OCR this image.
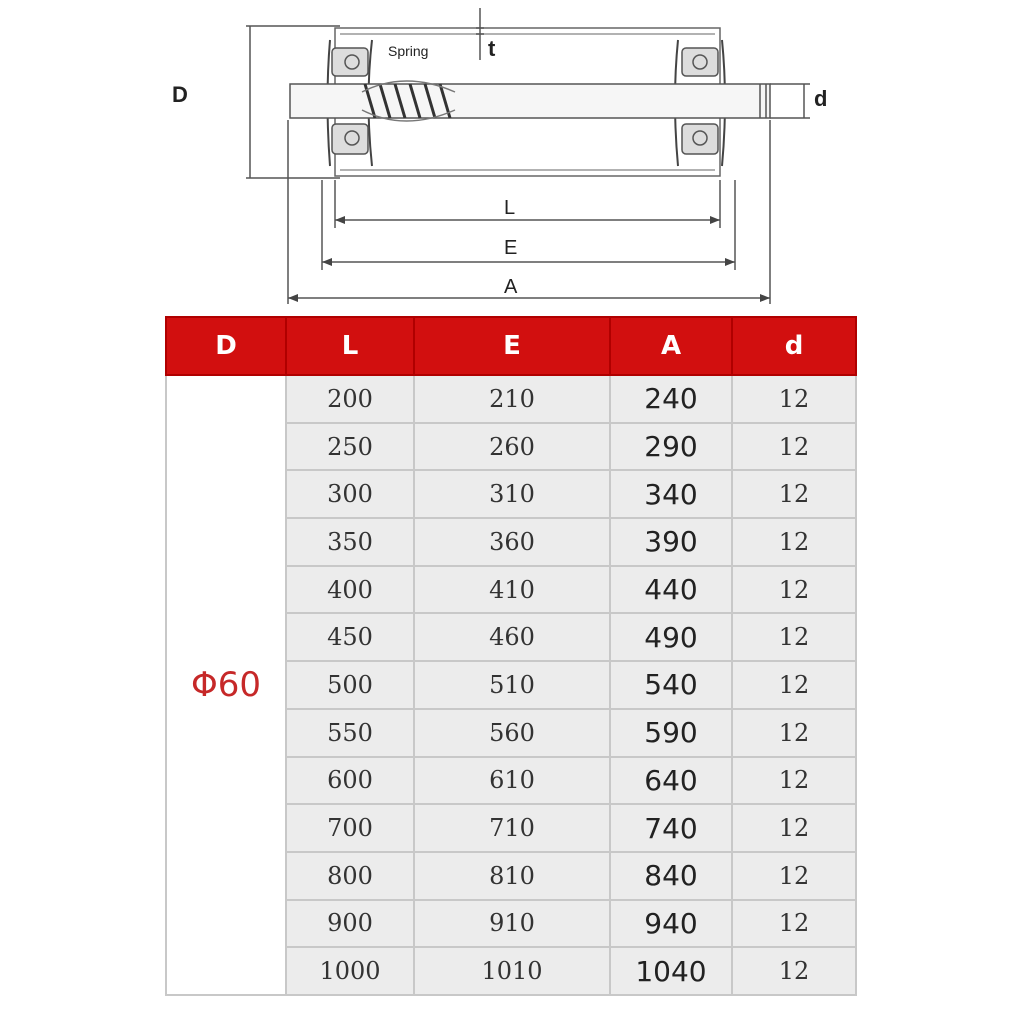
D
t
Spring
d
L
E
A
D	L	E	A	d
Φ60	200	210	240	12
	250	260	290	12
	300	310	340	12
	350	360	390	12
	400	410	440	12
	450	460	490	12
	500	510	540	12
	550	560	590	12
	600	610	640	12
	700	710	740	12
	800	810	840	12
	900	910	940	12
	1000	1010	1040	12
